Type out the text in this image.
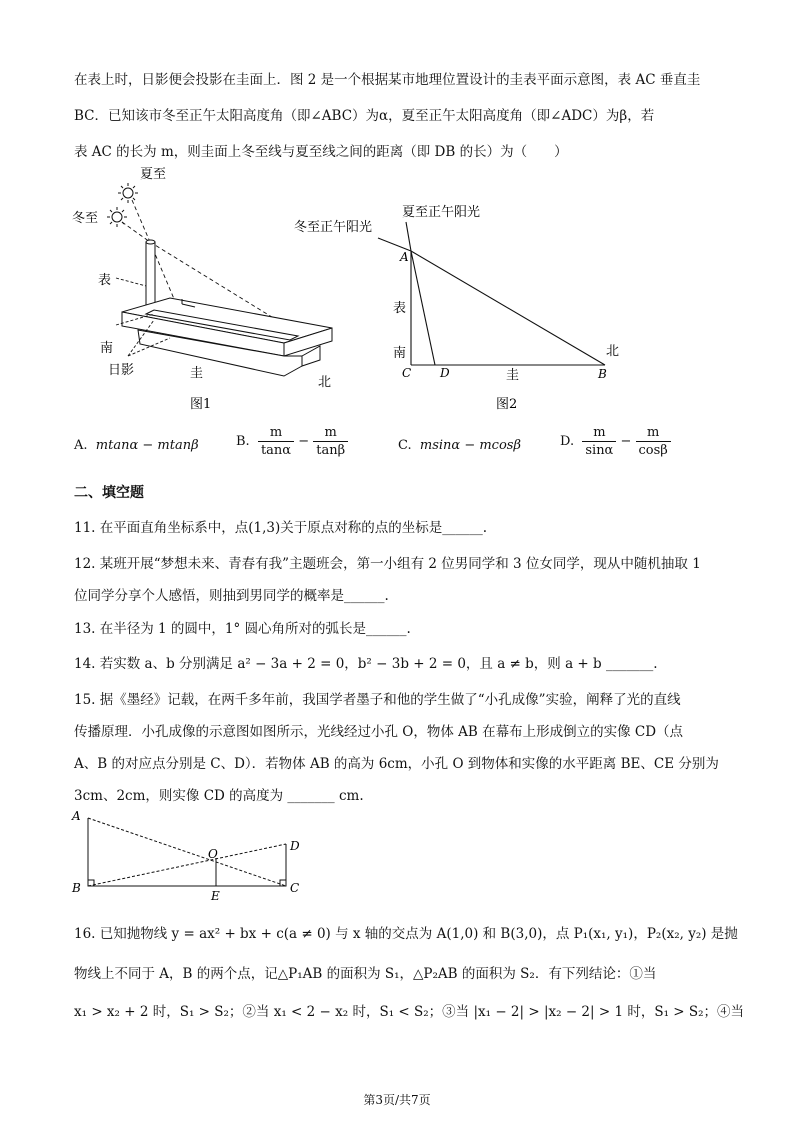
在表上时，日影便会投影在圭面上．图 2 是一个根据某市地理位置设计的圭表平面示意图，表 AC 垂直圭
BC．已知该市冬至正午太阳高度角（即∠ABC）为α，夏至正午太阳高度角（即∠ADC）为β，若
表 AC 的长为 m，则圭面上冬至线与夏至线之间的距离（即 DB 的长）为（　　）
夏至
冬至
表
南
日影	圭
北
图1
夏至正午阳光
冬至正午阳光
A
表
南
C D	圭	B
北
图2
A. mtanα − mtanβ	B. $\frac{m}{\tan\alpha} - \frac{m}{\tan\beta}$	C. msinα − mcosβ	D. $\frac{m}{\sin\alpha} - \frac{m}{\cos\beta}$
二、填空题
11. 在平面直角坐标系中，点(1,3)关于原点对称的点的坐标是______.
12. 某班开展“梦想未来、青春有我”主题班会，第一小组有 2 位男同学和 3 位女同学，现从中随机抽取 1
位同学分享个人感悟，则抽到男同学的概率是______.
13. 在半径为 1 的圆中，1° 圆心角所对的弧长是______.
14. 若实数 a、b 分别满足 a² − 3a + 2 = 0，b² − 3b + 2 = 0，且 a ≠ b，则 a + b _______.
15. 据《墨经》记载，在两千多年前，我国学者墨子和他的学生做了“小孔成像”实验，阐释了光的直线
传播原理．小孔成像的示意图如图所示，光线经过小孔 O，物体 AB 在幕布上形成倒立的实像 CD（点
A、B 的对应点分别是 C、D）．若物体 AB 的高为 6cm，小孔 O 到物体和实像的水平距离 BE、CE 分别为
3cm、2cm，则实像 CD 的高度为 _______ cm.
A
B
O
E
D
C
16. 已知抛物线 y = ax² + bx + c(a ≠ 0) 与 x 轴的交点为 A(1,0) 和 B(3,0)，点 P₁(x₁, y₁)，P₂(x₂, y₂) 是抛
物线上不同于 A，B 的两个点，记△P₁AB 的面积为 S₁，△P₂AB 的面积为 S₂．有下列结论：①当
x₁ > x₂ + 2 时，S₁ > S₂；②当 x₁ < 2 − x₂ 时，S₁ < S₂；③当 |x₁ − 2| > |x₂ − 2| > 1 时，S₁ > S₂；④当
第3页/共7页
